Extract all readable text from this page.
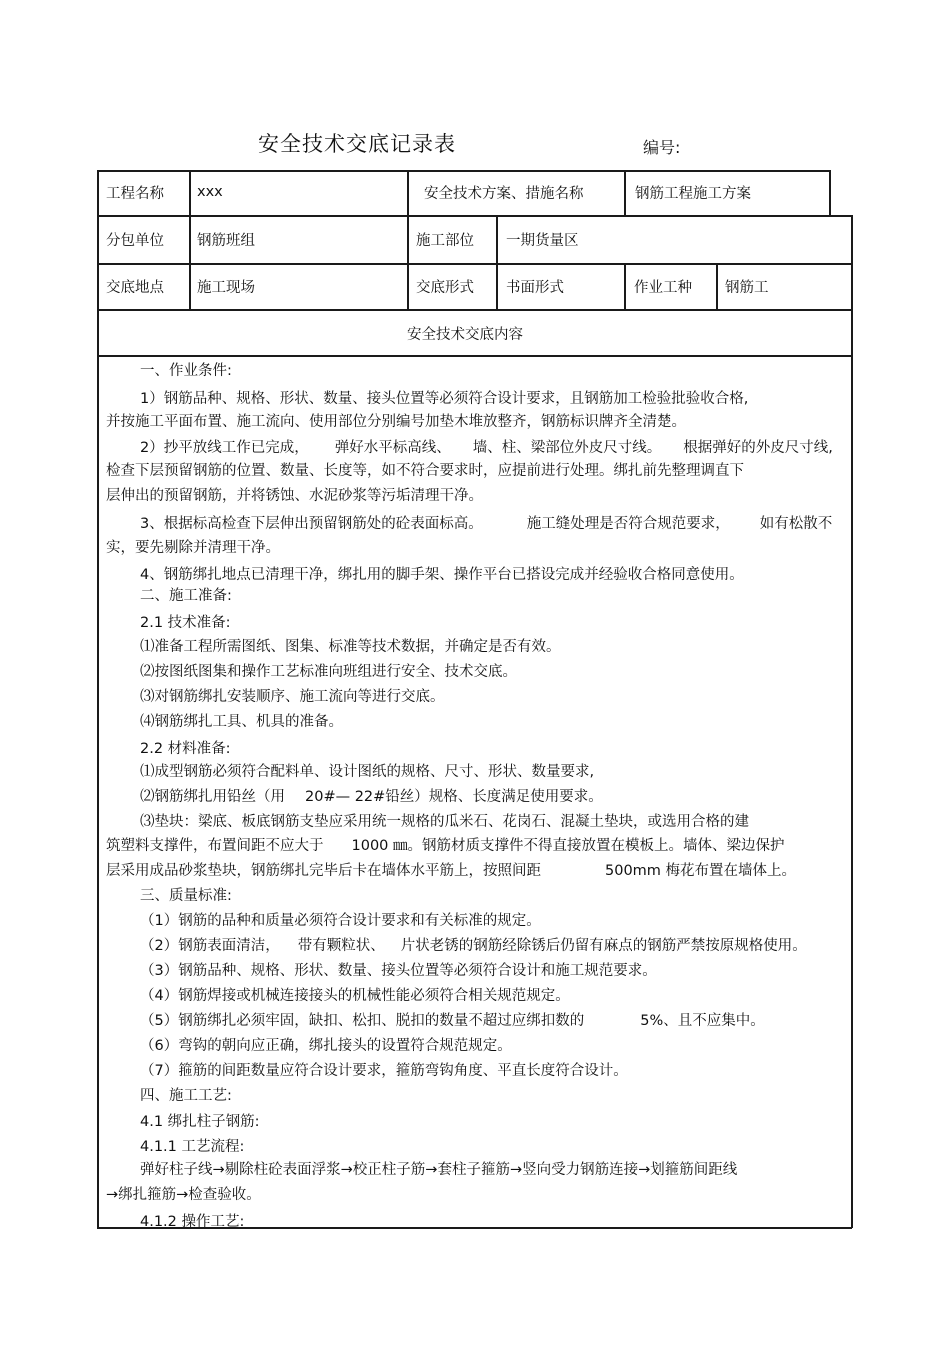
安全技术交底记录表	编号:
工程名称 xxx	安全技术方案、措施名称	钢筋工程施工方案
分包单位 钢筋班组	施工部位 一期货量区
交底地点 施工现场	交底形式 书面形式	作业工种 钢筋工
安全技术交底内容
一、作业条件:
1）钢筋品种、规格、形状、数量、接头位置等必须符合设计要求，且钢筋加工检验批验收合格,
并按施工平面布置、施工流向、使用部位分别编号加垫木堆放整齐，钢筋标识牌齐全清楚。
2）抄平放线工作已完成， 弹好水平标高线、 墙、柱、梁部位外皮尺寸线。 根据弹好的外皮尺寸线,
检查下层预留钢筋的位置、数量、长度等，如不符合要求时，应提前进行处理。绑扎前先整理调直下
层伸出的预留钢筋，并将锈蚀、水泥砂浆等污垢清理干净。
3、根据标高检查下层伸出预留钢筋处的砼表面标高。	施工缝处理是否符合规范要求， 如有松散不
实，要先剔除并清理干净。
4、钢筋绑扎地点已清理干净，绑扎用的脚手架、操作平台已搭设完成并经验收合格同意使用。
二、施工准备:
2.1 技术准备:
⑴准备工程所需图纸、图集、标准等技术数据，并确定是否有效。
⑵按图纸图集和操作工艺标准向班组进行安全、技术交底。
⑶对钢筋绑扎安装顺序、施工流向等进行交底。
⑷钢筋绑扎工具、机具的准备。
2.2 材料准备:
⑴成型钢筋必须符合配料单、设计图纸的规格、尺寸、形状、数量要求,
⑵钢筋绑扎用铅丝（用 20#— 22#铅丝）规格、长度满足使用要求。
⑶垫块：梁底、板底钢筋支垫应采用统一规格的瓜米石、花岗石、混凝土垫块，或选用合格的建
筑塑料支撑件，布置间距不应大于 1000 ㎜。钢筋材质支撑件不得直接放置在模板上。墙体、梁边保护
层采用成品砂浆垫块，钢筋绑扎完毕后卡在墙体水平筋上，按照间距	500mm 梅花布置在墙体上。
三、质量标准:
（1）钢筋的品种和质量必须符合设计要求和有关标准的规定。
（2）钢筋表面清洁， 带有颗粒状、 片状老锈的钢筋经除锈后仍留有麻点的钢筋严禁按原规格使用。
（3）钢筋品种、规格、形状、数量、接头位置等必须符合设计和施工规范要求。
（4）钢筋焊接或机械连接接头的机械性能必须符合相关规范规定。
（5）钢筋绑扎必须牢固，缺扣、松扣、脱扣的数量不超过应绑扣数的	5%、且不应集中。
（6）弯钩的朝向应正确，绑扎接头的设置符合规范规定。
（7）箍筋的间距数量应符合设计要求，箍筋弯钩角度、平直长度符合设计。
四、施工工艺:
4.1 绑扎柱子钢筋:
4.1.1 工艺流程:
弹好柱子线→剔除柱砼表面浮浆→校正柱子筋→套柱子箍筋→竖向受力钢筋连接→划箍筋间距线
→绑扎箍筋→检查验收。
4.1.2 操作工艺:
